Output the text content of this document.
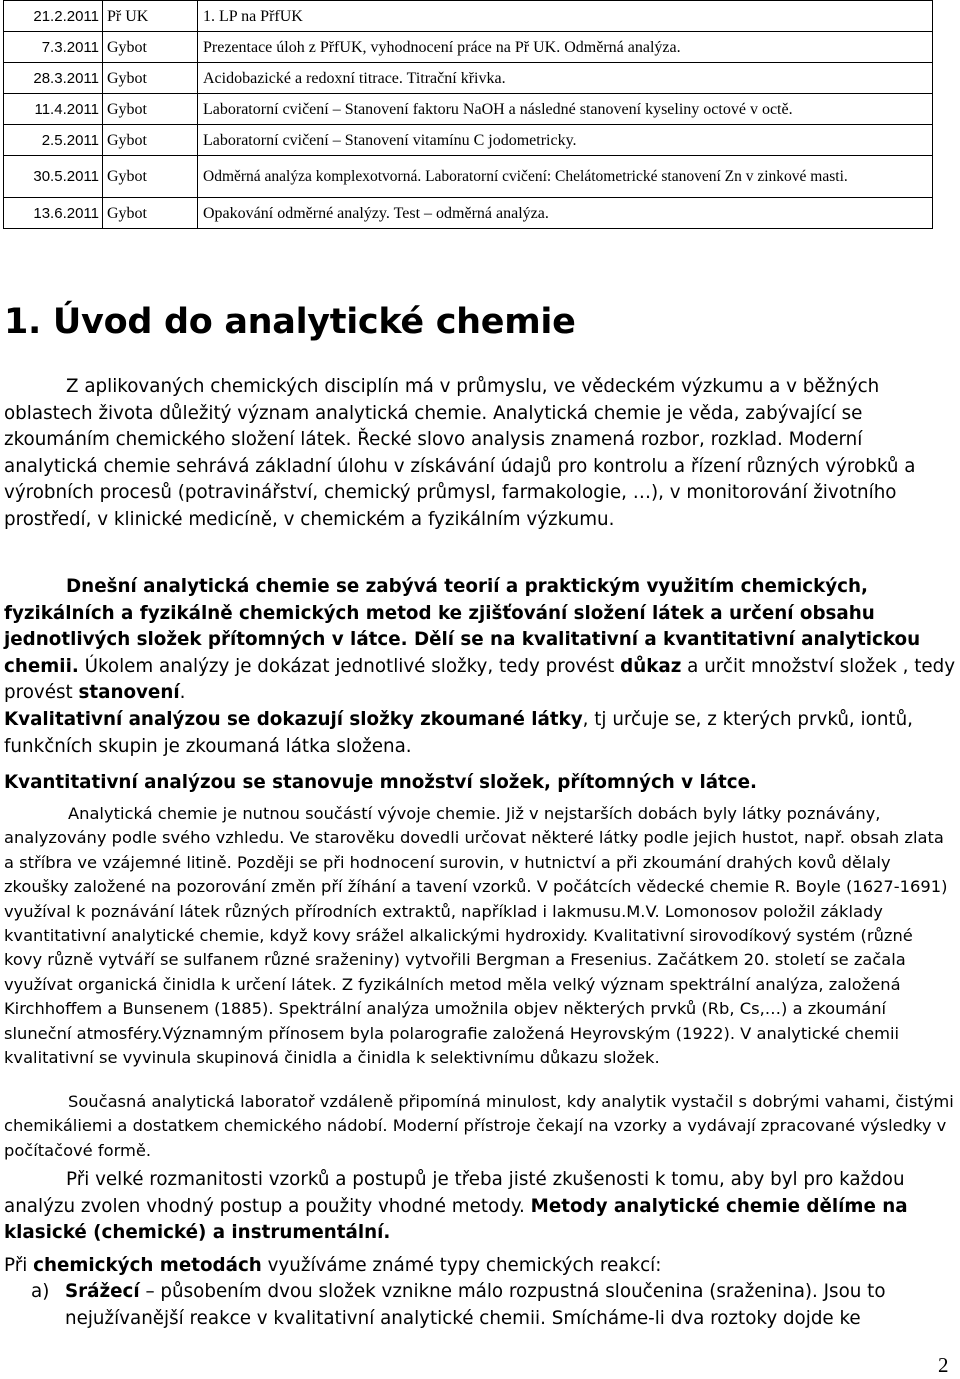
21.2.2011	Př UK	1. LP na PřfUK
7.3.2011	Gybot	Prezentace úloh z PřfUK, vyhodnocení práce na Př UK. Odměrná analýza.
28.3.2011	Gybot	Acidobazické a redoxní titrace. Titrační křivka.
11.4.2011	Gybot	Laboratorní cvičení – Stanovení faktoru NaOH a následné stanovení kyseliny octové v octě.
2.5.2011	Gybot	Laboratorní cvičení – Stanovení vitamínu C jodometricky.
30.5.2011	Gybot	Odměrná analýza komplexotvorná. Laboratorní cvičení: Chelátometrické stanovení Zn v zinkové masti.
13.6.2011	Gybot	Opakování odměrné analýzy. Test – odměrná analýza.
1. Úvod do analytické chemie

Z aplikovaných chemických disciplín má v průmyslu, ve vědeckém výzkumu a v běžných oblastech života důležitý význam analytická chemie. Analytická chemie je věda, zabývající se zkoumáním chemického složení látek. Řecké slovo analysis znamená rozbor, rozklad. Moderní analytická chemie sehrává základní úlohu v získávání údajů pro kontrolu a řízení různých výrobků a výrobních procesů (potravinářství, chemický průmysl, farmakologie, …), v monitorování životního prostředí, v klinické medicíně, v chemickém a fyzikálním výzkumu.

Dnešní analytická chemie se zabývá teorií a praktickým využitím chemických, fyzikálních a fyzikálně chemických metod ke zjišťování složení látek a určení obsahu jednotlivých složek přítomných v látce. Dělí se na kvalitativní a kvantitativní analytickou chemii. Úkolem analýzy je dokázat jednotlivé složky, tedy provést důkaz a určit množství složek , tedy provést stanovení.

Kvalitativní analýzou se dokazují složky zkoumané látky, tj určuje se, z kterých prvků, iontů, funkčních skupin je zkoumaná látka složena.

Kvantitativní analýzou se stanovuje množství složek, přítomných v látce.

Analytická chemie je nutnou součástí vývoje chemie. Již v nejstarších dobách byly látky poznávány, analyzovány podle svého vzhledu. Ve starověku dovedli určovat některé látky podle jejich hustot, např. obsah zlata a stříbra ve vzájemné litině. Později se při hodnocení surovin, v hutnictví a při zkoumání drahých kovů dělaly zkoušky založené na pozorování změn pří žíhání a tavení vzorků. V počátcích vědecké chemie R. Boyle (1627-1691) využíval k poznávání látek různých přírodních extraktů, například i lakmusu.M.V. Lomonosov položil základy kvantitativní analytické chemie, když kovy srážel alkalickými hydroxidy. Kvalitativní sirovodíkový systém (různé kovy různě vytváří se sulfanem různé sraženiny) vytvořili Bergman a Fresenius. Začátkem 20. století se začala využívat organická činidla k určení látek. Z fyzikálních metod měla velký význam spektrální analýza, založená Kirchhoffem a Bunsenem (1885). Spektrální analýza umožnila objev některých prvků (Rb, Cs,…) a zkoumání sluneční atmosféry.Významným přínosem byla polarografie založená Heyrovským (1922). V analytické chemii kvalitativní se vyvinula skupinová činidla a činidla k selektivnímu důkazu složek.

Současná analytická laboratoř vzdáleně připomíná minulost, kdy analytik vystačil s dobrými vahami, čistými chemikáliemi a dostatkem chemického nádobí. Moderní přístroje čekají na vzorky a vydávají zpracované výsledky v počítačové formě.

Při velké rozmanitosti vzorků a postupů je třeba jisté zkušenosti k tomu, aby byl pro každou analýzu zvolen vhodný postup a použity vhodné metody. Metody analytické chemie dělíme na klasické (chemické) a instrumentální.

Při chemických metodách využíváme známé typy chemických reakcí:

a) Srážecí – působením dvou složek vznikne málo rozpustná sloučenina (sraženina). Jsou to nejužívanější reakce v kvalitativní analytické chemii. Smícháme-li dva roztoky dojde ke
2
